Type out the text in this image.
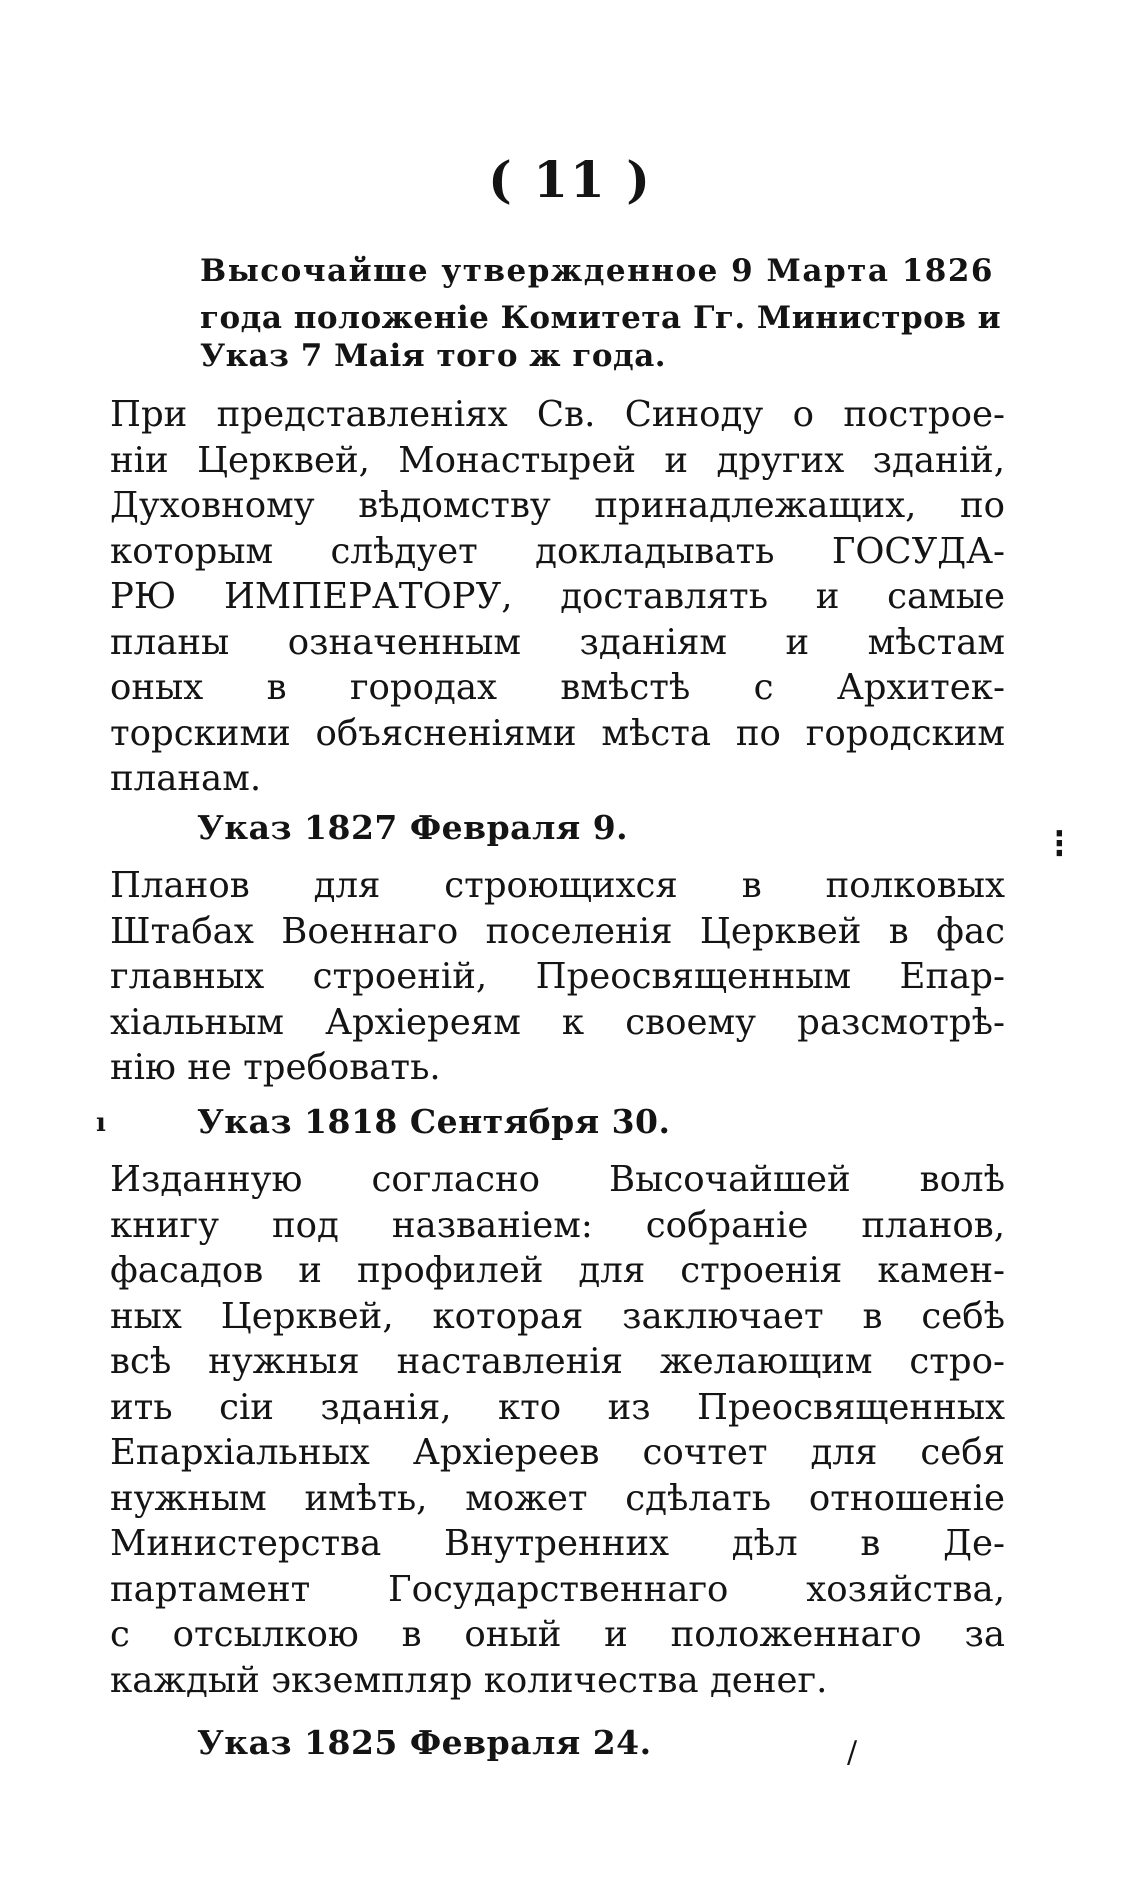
( 11 )
Высочайше утвержденное 9 Марта 1826
года положеніе Комитета Гг. Министров и
Указ 7 Маія того ж года.
При представленіях Св. Синоду о построе-
ніи Церквей, Монастырей и других зданій,
Духовному вѣдомству принадлежащих, по
которым слѣдует докладывать ГОСУДА-
РЮ ИМПЕРАТОРУ, доставлять и самые
планы означенным зданіям и мѣстам
оных в городах вмѣстѣ с Архитек-
торскими объясненіями мѣста по городским
планам.
Указ 1827 Февраля 9.
Планов для строющихся в полковых
Штабах Военнаго поселенія Церквей в фас
главных строеній, Преосвященным Епар-
хіальным Архіереям к своему разсмотрѣ-
нію не требовать.
Указ 1818 Сентября 30.
Изданную согласно Высочайшей волѣ
книгу под названіем: собраніе планов,
фасадов и профилей для строенія камен-
ных Церквей, которая заключает в себѣ
всѣ нужныя наставленія желающим стро-
ить сіи зданія, кто из Преосвященных
Епархіальных Архіереев сочтет для себя
нужным имѣть, может сдѣлать отношеніе
Министерства Внутренних дѣл в Де-
партамент Государственнаго хозяйства,
с отсылкою в оный и положеннаго за
каждый экземпляр количества денег.
Указ 1825 Февраля 24.
⁝
ı
/
